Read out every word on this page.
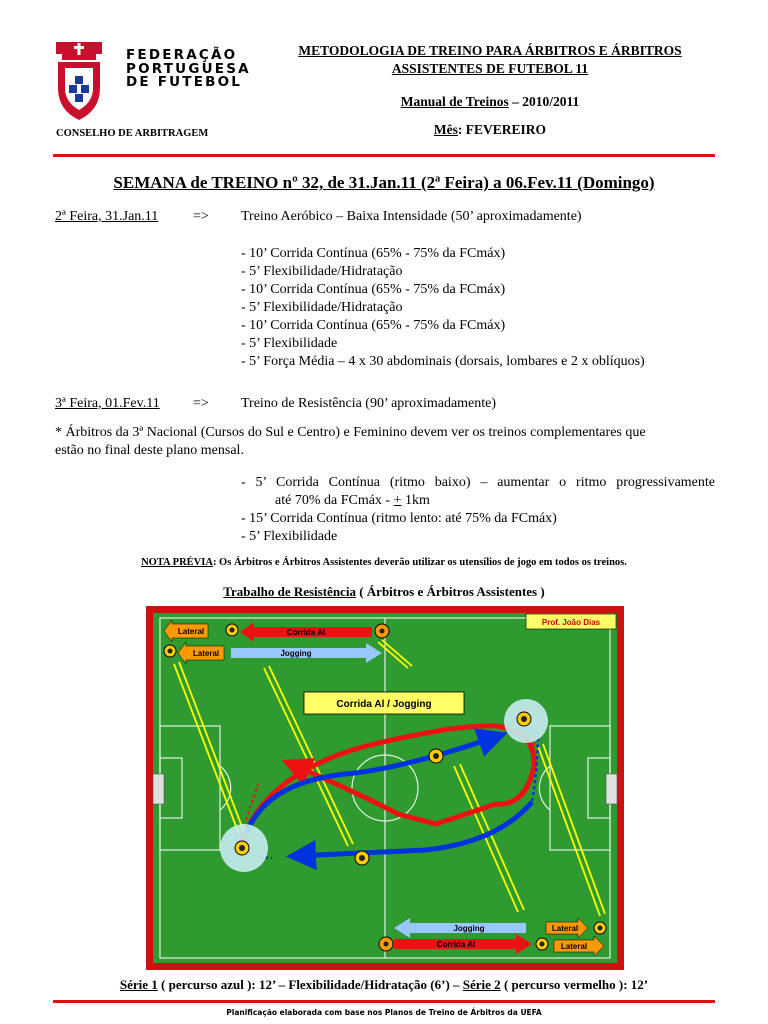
FEDERAÇÃO
PORTUGUESA
DE FUTEBOL
CONSELHO DE ARBITRAGEM
METODOLOGIA DE TREINO PARA ÁRBITROS E ÁRBITROS
ASSISTENTES DE FUTEBOL 11
Manual de Treinos – 2010/2011
Mês: FEVEREIRO
SEMANA de TREINO nº 32, de 31.Jan.11 (2ª Feira) a 06.Fev.11 (Domingo)
2ª Feira, 31.Jan.11 => Treino Aeróbico – Baixa Intensidade (50’ aproximadamente)
- 10’ Corrida Contínua (65% - 75% da FCmáx)
- 5’ Flexibilidade/Hidratação
- 10’ Corrida Contínua (65% - 75% da FCmáx)
- 5’ Flexibilidade/Hidratação
- 10’ Corrida Contínua (65% - 75% da FCmáx)
- 5’ Flexibilidade
- 5’ Força Média – 4 x 30 abdominais (dorsais, lombares e 2 x oblíquos)
3ª Feira, 01.Fev.11 => Treino de Resistência (90’ aproximadamente)
* Árbitros da 3ª Nacional (Cursos do Sul e Centro) e Feminino devem ver os treinos complementares que
estão no final deste plano mensal.
- 5’ Corrida Contínua (ritmo baixo) – aumentar o ritmo progressivamente
até 70% da FCmáx - + 1km
- 15’ Corrida Contínua (ritmo lento: até 75% da FCmáx)
- 5’ Flexibilidade
NOTA PRÉVIA: Os Árbitros e Árbitros Assistentes deverão utilizar os utensílios de jogo em todos os treinos.
Trabalho de Resistência ( Árbitros e Árbitros Assistentes )
Prof. João Dias
Lateral	Corrida Al
Lateral	Jogging
Jogging	Lateral
Corrida Al	Lateral
Corrida Al / Jogging
Série 1 ( percurso azul ): 12’ – Flexibilidade/Hidratação (6’) – Série 2 ( percurso vermelho ): 12’
Planificação elaborada com base nos Planos de Treino de Árbitros da UEFA
